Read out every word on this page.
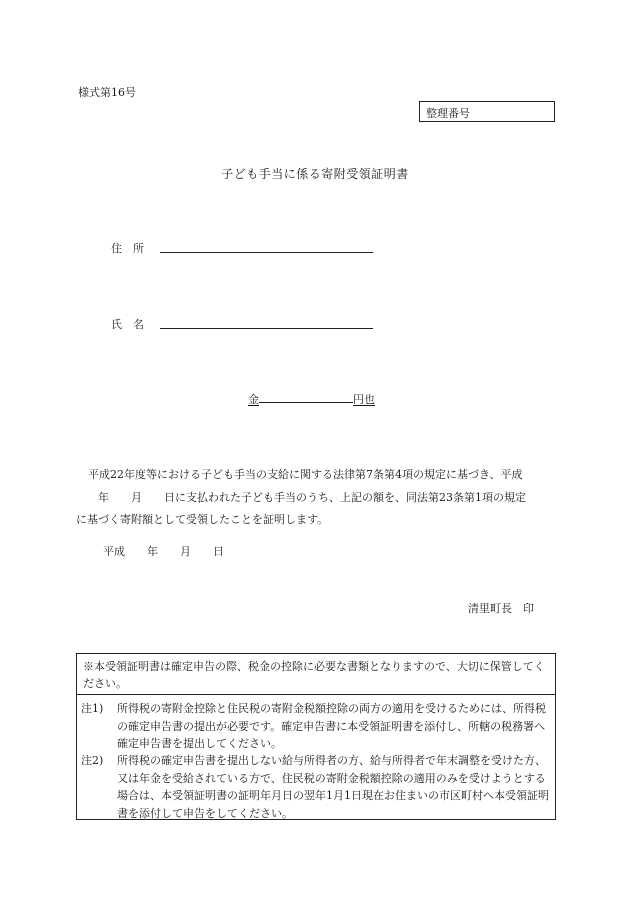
様式第16号
整理番号
子ども手当に係る寄附受領証明書
住　所
氏　名
金	円也
平成22年度等における子ども手当の支給に関する法律第7条第4項の規定に基づき、平成
　　年　　月　　日に支払われた子ども手当のうち、上記の額を、同法第23条第1項の規定
に基づく寄附額として受領したことを証明します。
平成　　年　　月　　日
清里町長　印
※本受領証明書は確定申告の際、税金の控除に必要な書類となりますので、大切に保管してください。
注1)	所得税の寄附金控除と住民税の寄附金税額控除の両方の適用を受けるためには、所得税の確定申告書の提出が必要です。確定申告書に本受領証明書を添付し、所轄の税務署へ確定申告書を提出してください。
注2)	所得税の確定申告書を提出しない給与所得者の方、給与所得者で年末調整を受けた方、又は年金を受給されている方で、住民税の寄附金税額控除の適用のみを受けようとする場合は、本受領証明書の証明年月日の翌年1月1日現在お住まいの市区町村へ本受領証明書を添付して申告をしてください。
